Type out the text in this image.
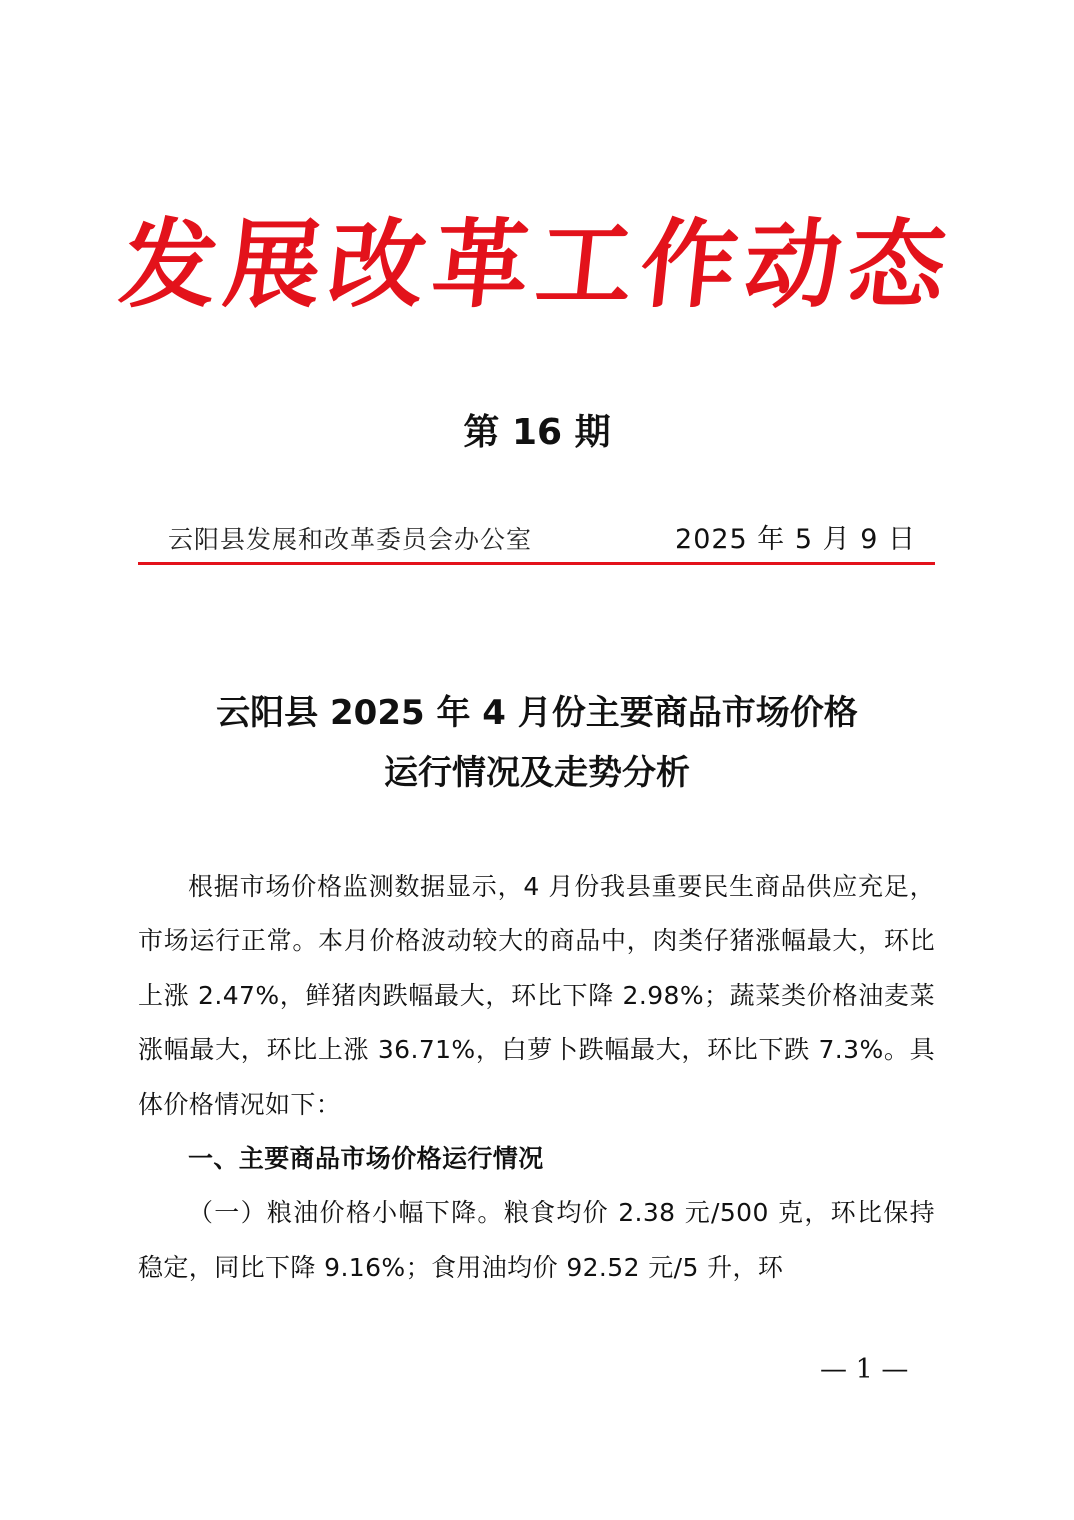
发展改革工作动态
第 16 期
云阳县发展和改革委员会办公室	2025 年 5 月 9 日
云阳县 2025 年 4 月份主要商品市场价格
运行情况及走势分析

根据市场价格监测数据显示，4 月份我县重要民生商品供应充足，市场运行正常。本月价格波动较大的商品中，肉类仔猪涨幅最大，环比上涨 2.47%，鲜猪肉跌幅最大，环比下降 2.98%；蔬菜类价格油麦菜涨幅最大，环比上涨 36.71%，白萝卜跌幅最大，环比下跌 7.3%。具体价格情况如下：

一、主要商品市场价格运行情况

（一）粮油价格小幅下降。粮食均价 2.38 元/500 克，环比保持稳定，同比下降 9.16%；食用油均价 92.52 元/5 升，环

— 1 —
